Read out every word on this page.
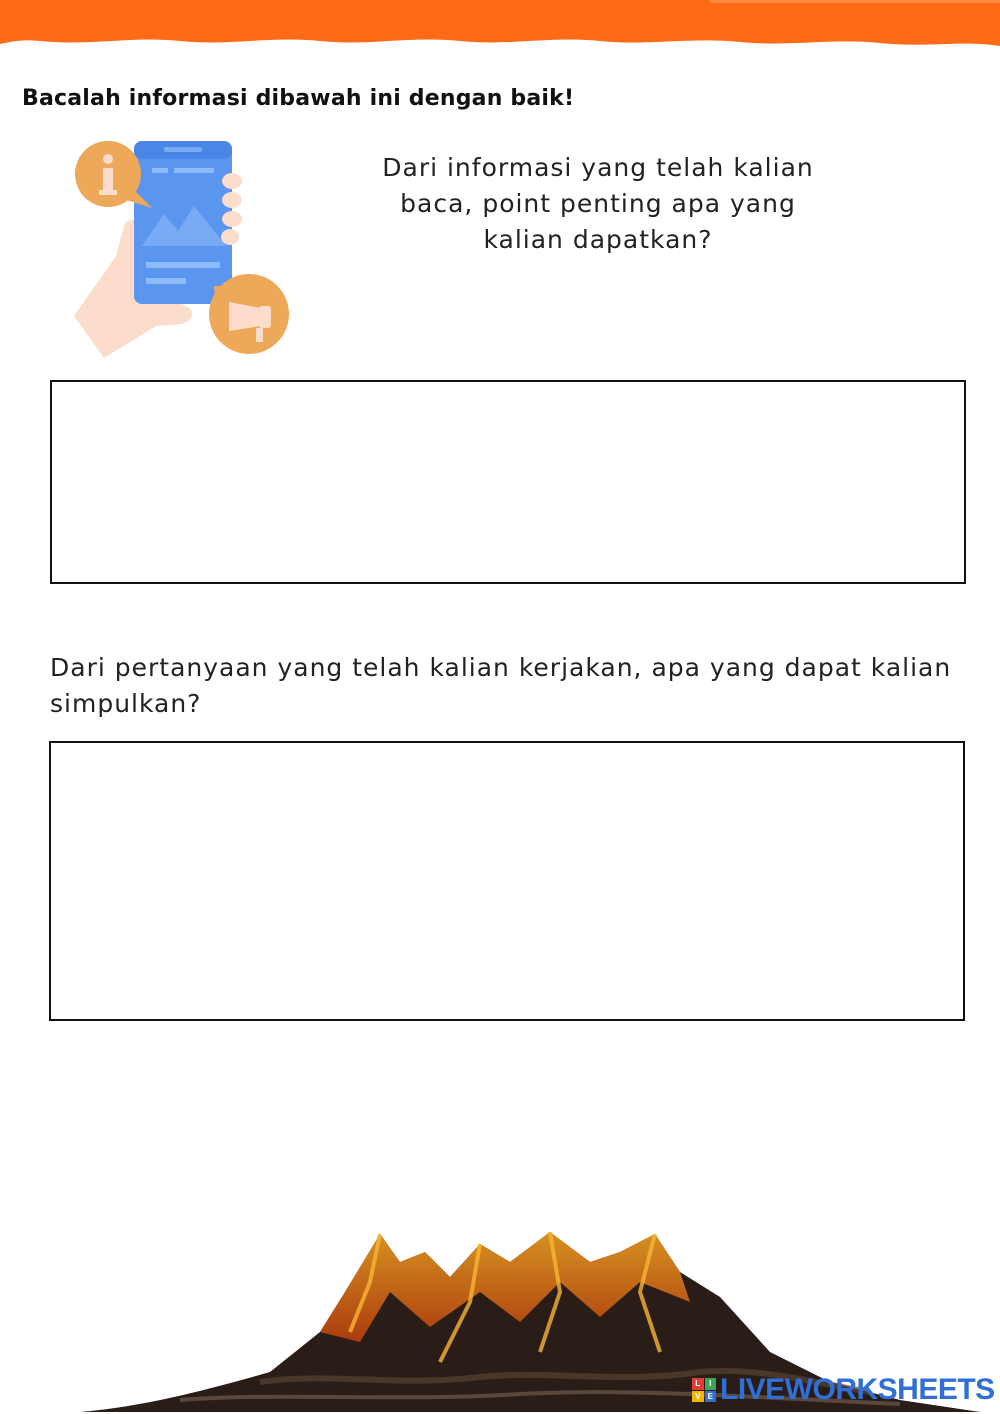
Bacalah informasi dibawah ini dengan baik!
Dari informasi yang telah kalian baca, point penting apa yang kalian dapatkan?
Dari pertanyaan yang telah kalian kerjakan, apa yang dapat kalian simpulkan?
L	I
V E LIVEWORKSHEETS
